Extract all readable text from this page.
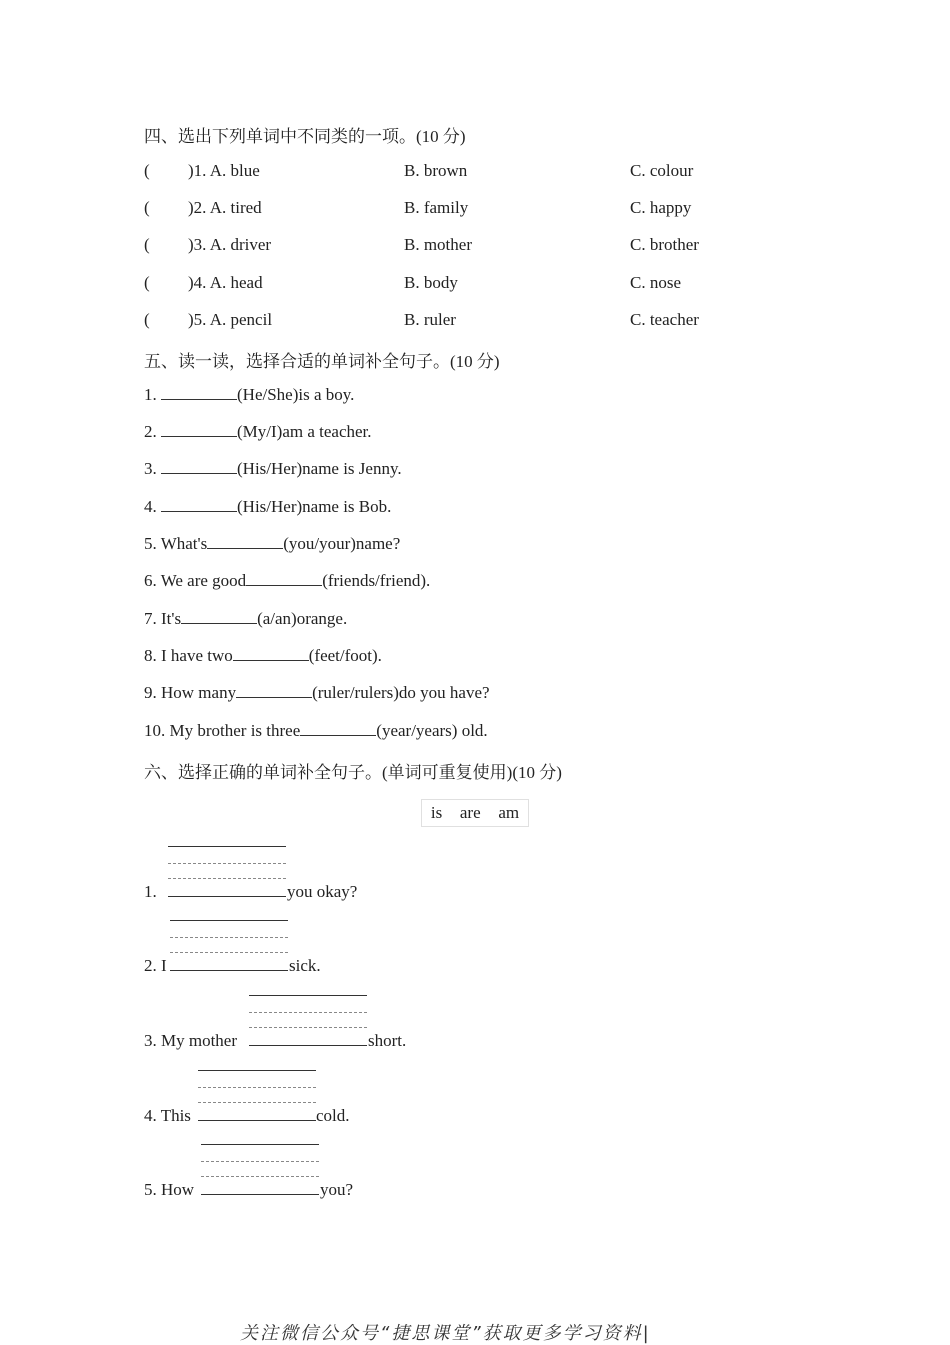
四、选出下列单词中不同类的一项。(10 分)
( )1. A. blue	B. brown	C. colour
( )2. A. tired	B. family	C. happy
( )3. A. driver	B. mother	C. brother
( )4. A. head	B. body	C. nose
( )5. A. pencil	B. ruler	C. teacher
五、读一读，选择合适的单词补全句子。(10 分)
1.	(He/She)is a boy.
2.	(My/I)am a teacher.
3.	(His/Her)name is Jenny.
4.	(His/Her)name is Bob.
5. What's	(you/your)name?
6. We are good	(friends/friend).
7. It's	(a/an)orange.
8. I have two	(feet/foot).
9. How many	(ruler/rulers)do you have?
10. My brother is three	(year/years) old.
六、选择正确的单词补全句子。(单词可重复使用)(10 分)
is are am
1.	you okay?
2. I	sick.
3. My mother	short.
4. This	cold.
5. How	you?
关注微信公众号“捷思课堂”获取更多学习资料|
